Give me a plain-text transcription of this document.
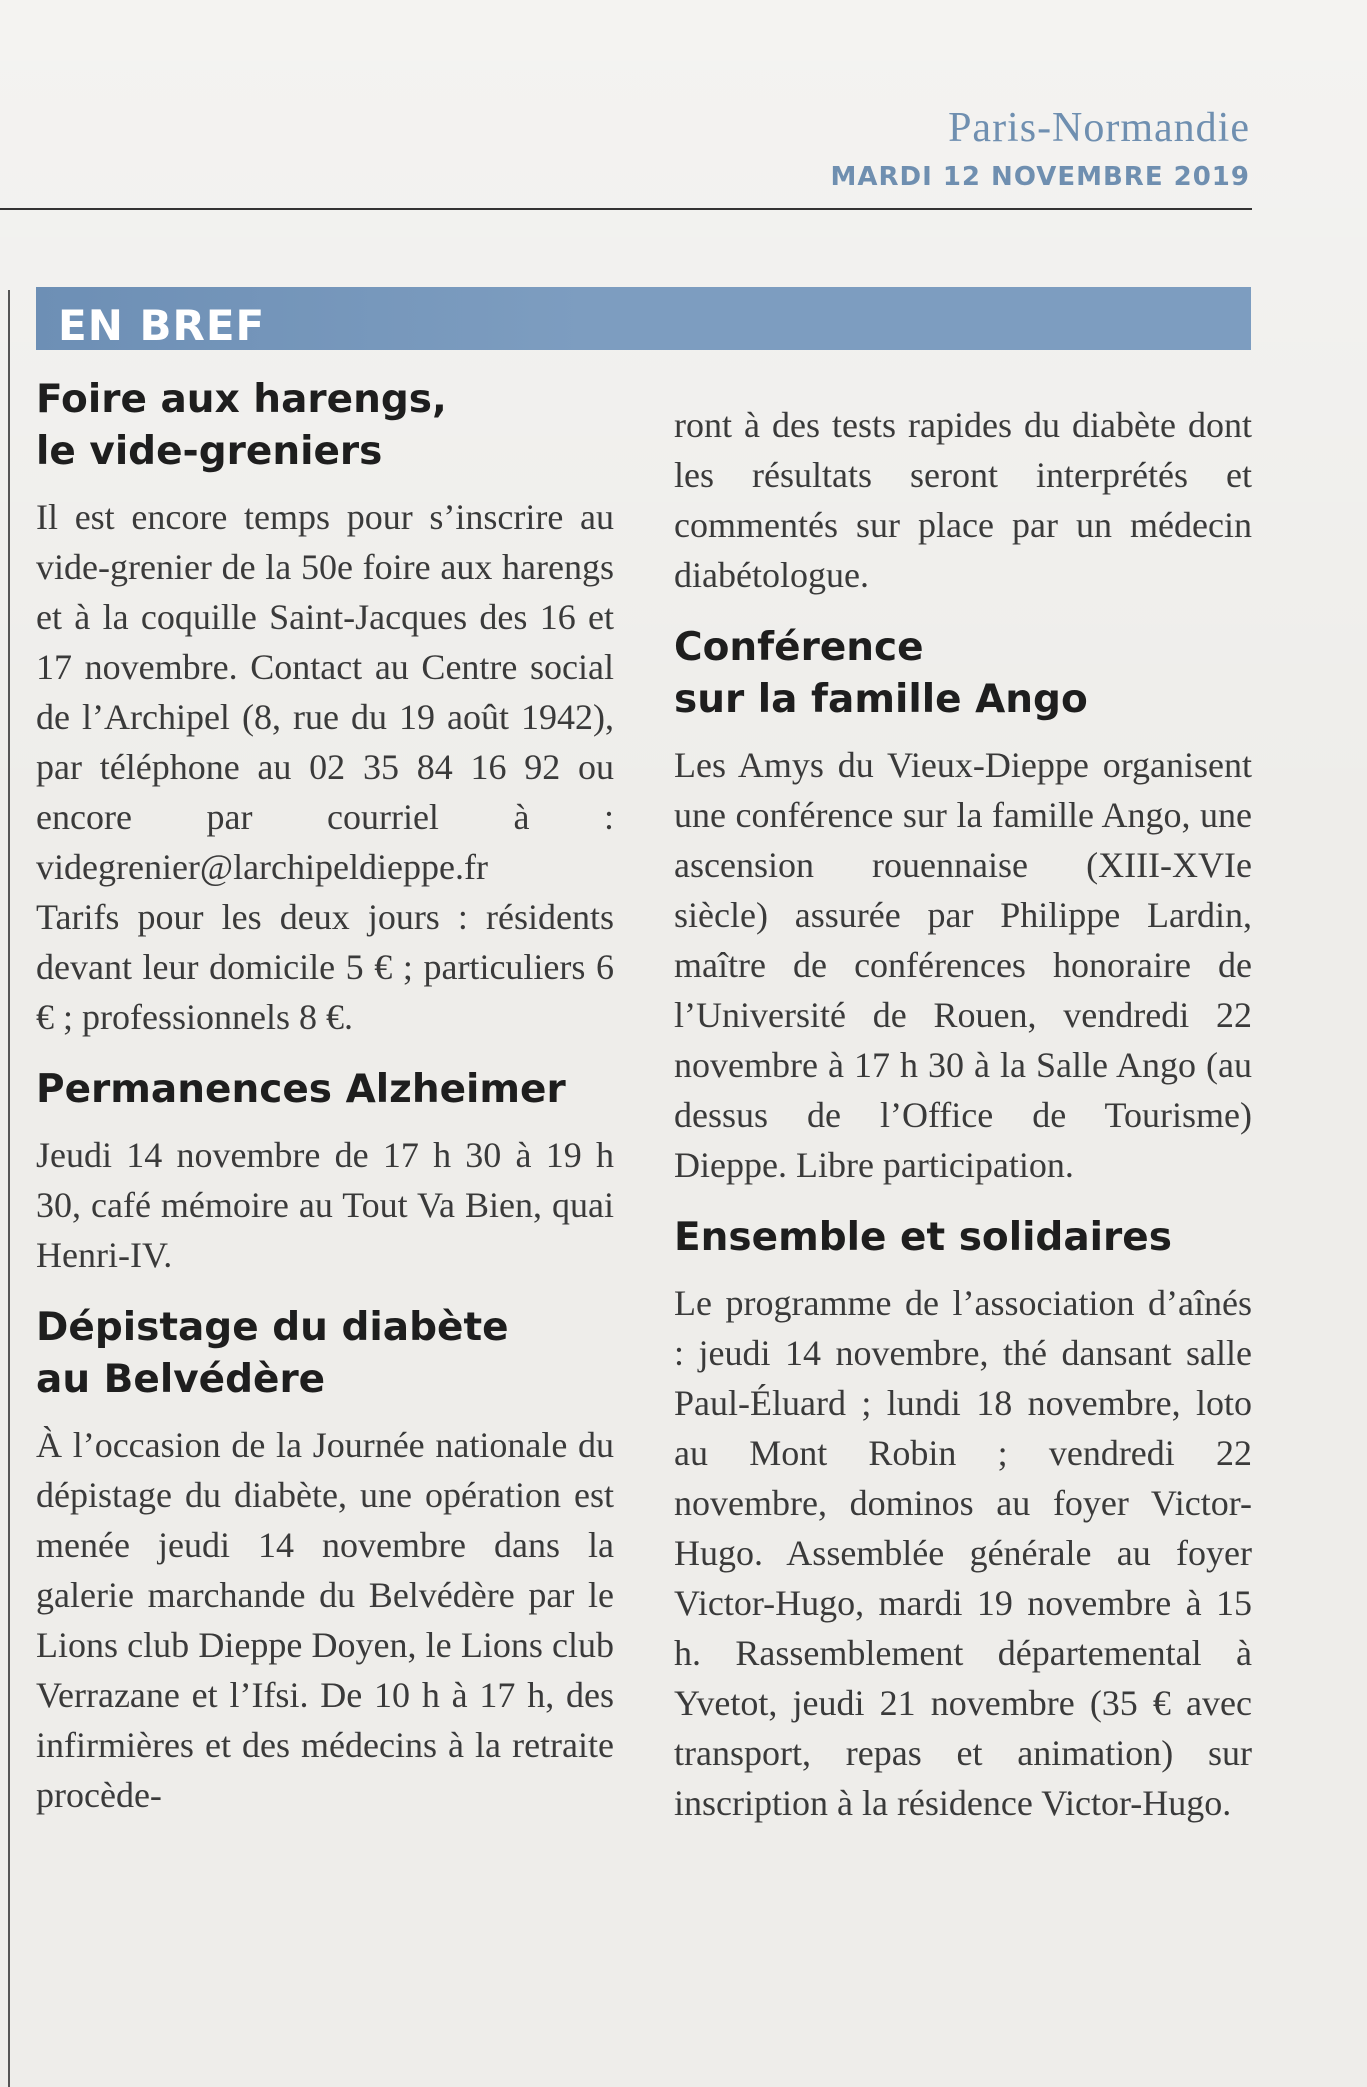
Paris-Normandie
MARDI 12 NOVEMBRE 2019
EN BREF
Foire aux harengs,
le vide-greniers

Il est encore temps pour s’inscrire au vide-grenier de la 50e foire aux harengs et à la coquille Saint-Jacques des 16 et 17 novembre. Contact au Centre social de l’Archipel (8, rue du 19 août 1942), par téléphone au 02 35 84 16 92 ou encore par courriel à : videgrenier@larchipeldieppe.fr

Tarifs pour les deux jours : résidents devant leur domicile 5 € ; particuliers 6 € ; professionnels 8 €.

Permanences Alzheimer

Jeudi 14 novembre de 17 h 30 à 19 h 30, café mémoire au Tout Va Bien, quai Henri-IV.

Dépistage du diabète
au Belvédère

À l’occasion de la Journée nationale du dépistage du diabète, une opération est menée jeudi 14 novembre dans la galerie marchande du Belvédère par le Lions club Dieppe Doyen, le Lions club Verrazane et l’Ifsi. De 10 h à 17 h, des infirmières et des médecins à la retraite procède-

ront à des tests rapides du diabète dont les résultats seront interprétés et commentés sur place par un médecin diabétologue.

Conférence
sur la famille Ango

Les Amys du Vieux-Dieppe organisent une conférence sur la famille Ango, une ascension rouennaise (XIII-XVIe siècle) assurée par Philippe Lardin, maître de conférences honoraire de l’Université de Rouen, vendredi 22 novembre à 17 h 30 à la Salle Ango (au dessus de l’Office de Tourisme) Dieppe. Libre participation.

Ensemble et solidaires

Le programme de l’association d’aînés : jeudi 14 novembre, thé dansant salle Paul-Éluard ; lundi 18 novembre, loto au Mont Robin ; vendredi 22 novembre, dominos au foyer Victor-Hugo. Assemblée générale au foyer Victor-Hugo, mardi 19 novembre à 15 h. Rassemblement départemental à Yvetot, jeudi 21 novembre (35 € avec transport, repas et animation) sur inscription à la résidence Victor-Hugo.
